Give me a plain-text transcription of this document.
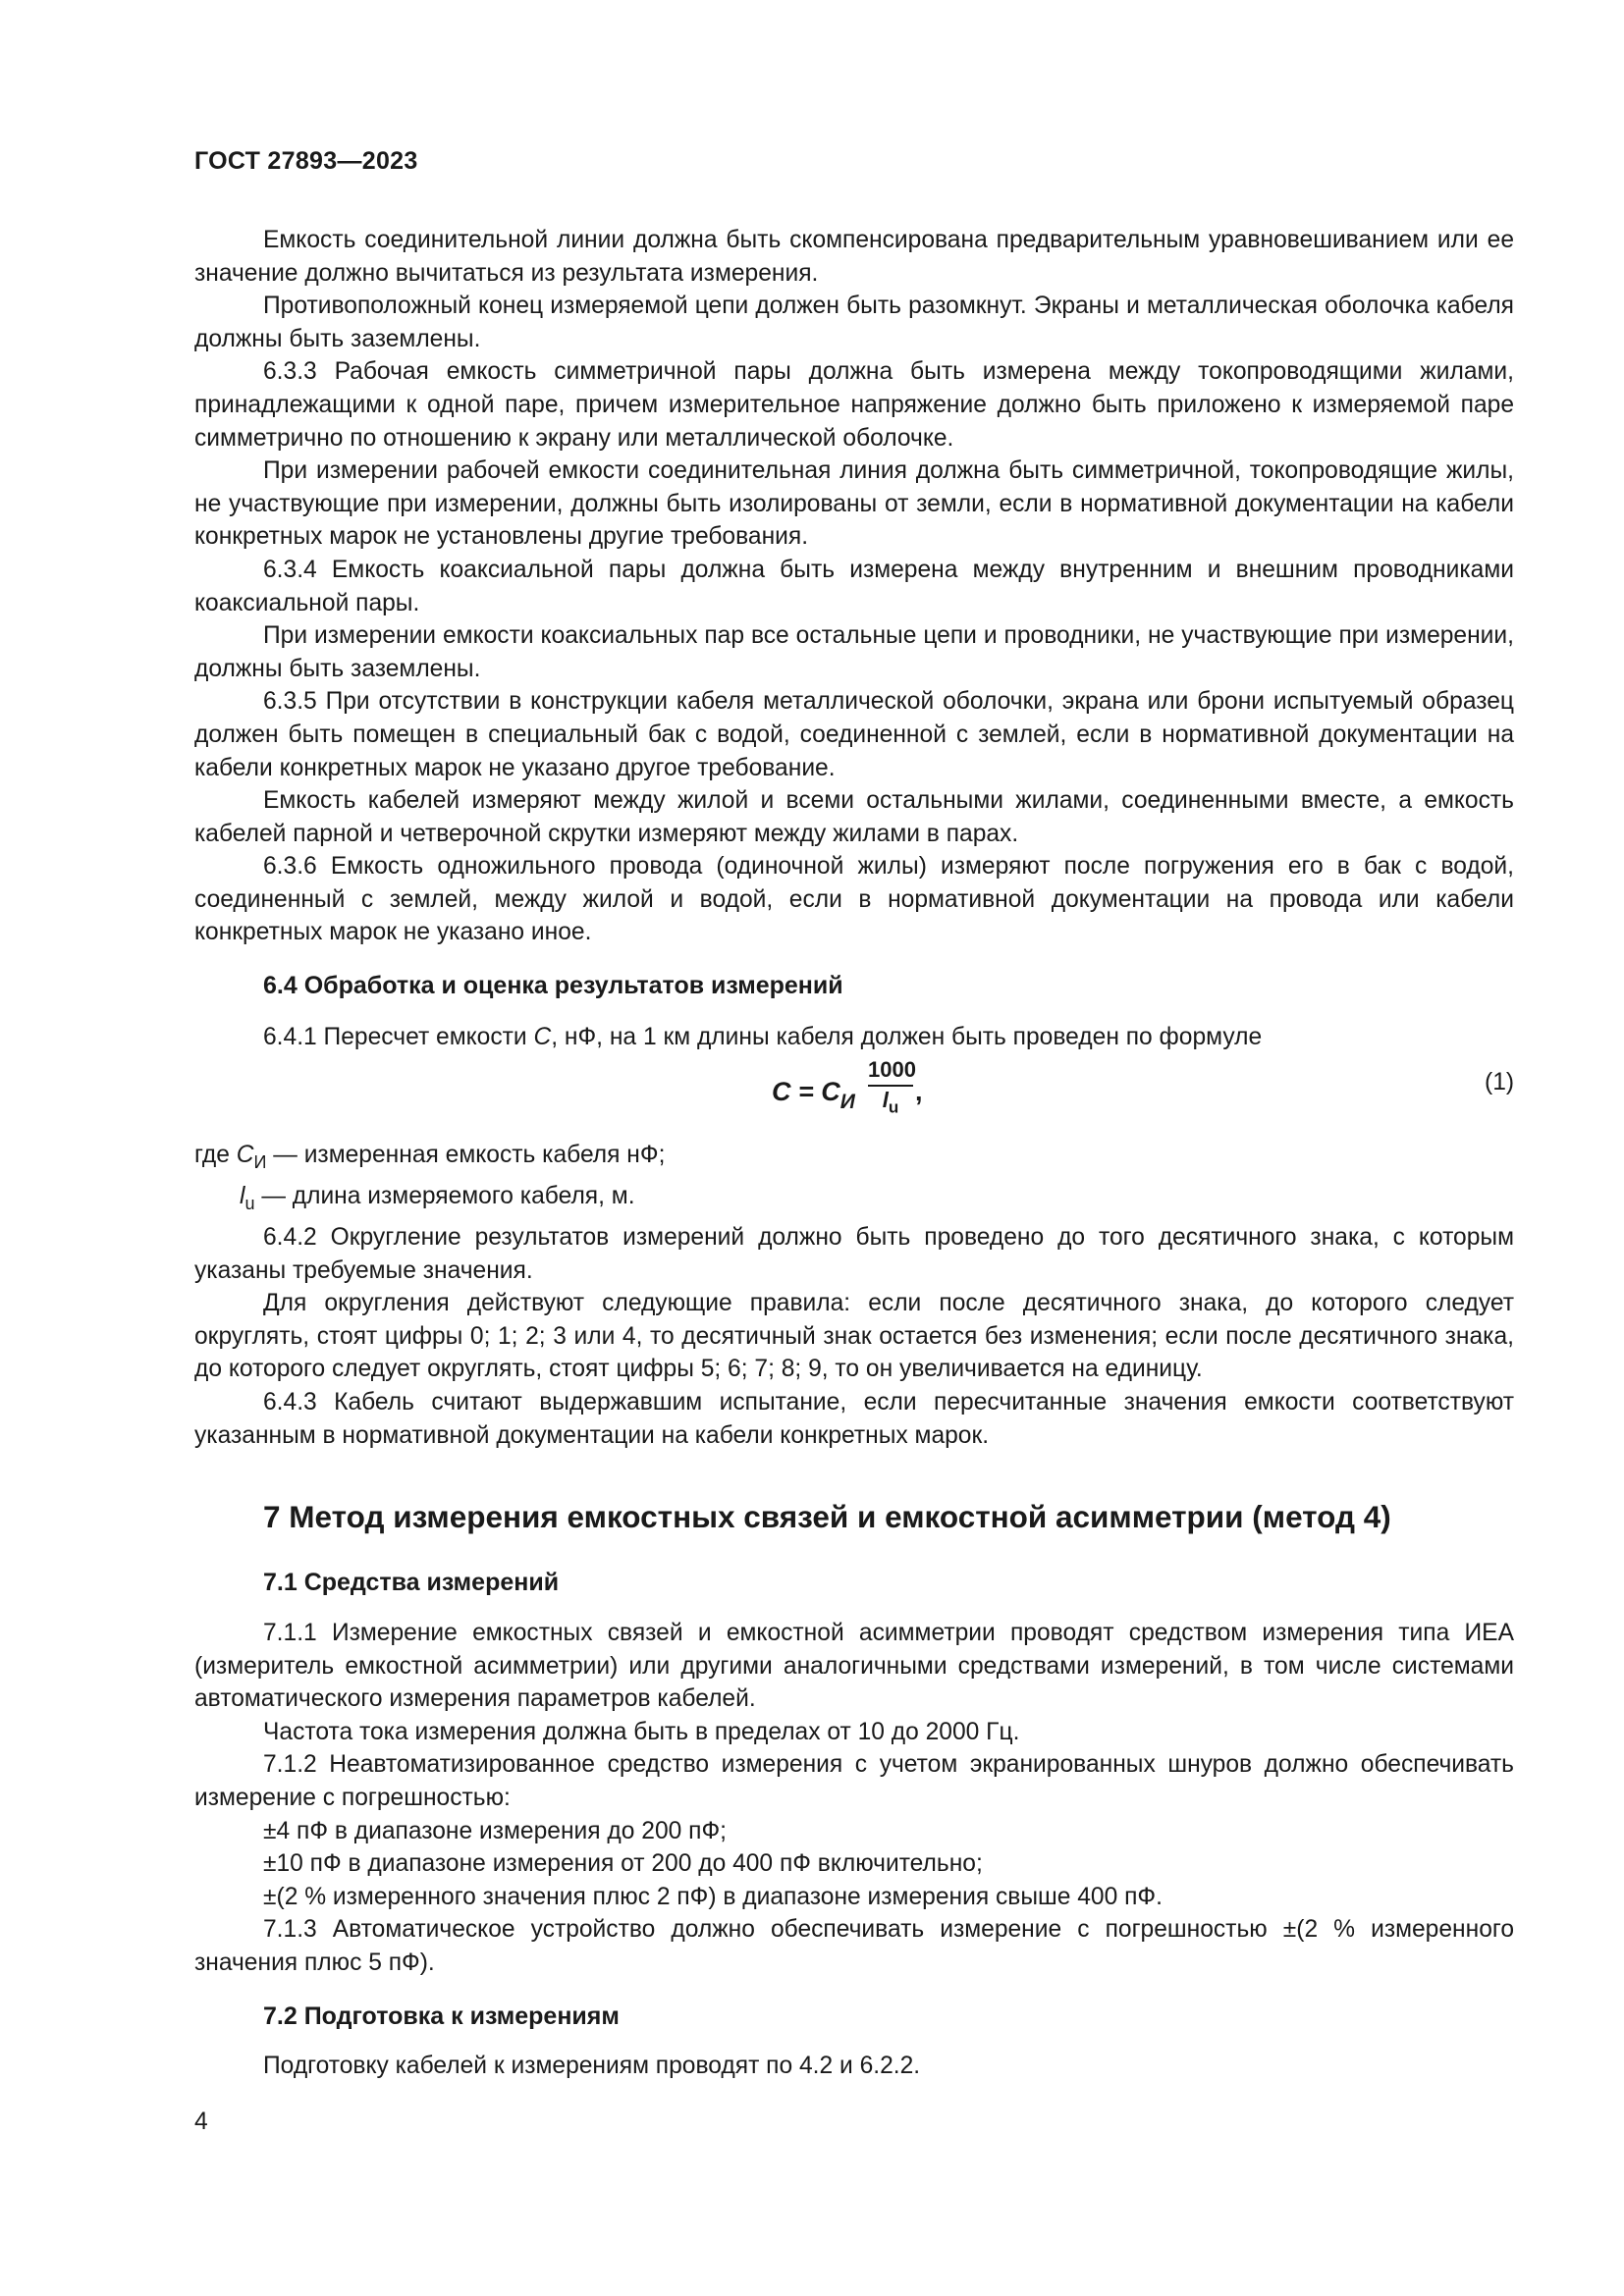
ГОСТ 27893—2023

Емкость соединительной линии должна быть скомпенсирована предварительным уравновешиванием или ее значение должно вычитаться из результата измерения.

Противоположный конец измеряемой цепи должен быть разомкнут. Экраны и металлическая оболочка кабеля должны быть заземлены.

6.3.3 Рабочая емкость симметричной пары должна быть измерена между токопроводящими жилами, принадлежащими к одной паре, причем измерительное напряжение должно быть приложено к измеряемой паре симметрично по отношению к экрану или металлической оболочке.

При измерении рабочей емкости соединительная линия должна быть симметричной, токопроводящие жилы, не участвующие при измерении, должны быть изолированы от земли, если в нормативной документации на кабели конкретных марок не установлены другие требования.

6.3.4 Емкость коаксиальной пары должна быть измерена между внутренним и внешним проводниками коаксиальной пары.

При измерении емкости коаксиальных пар все остальные цепи и проводники, не участвующие при измерении, должны быть заземлены.

6.3.5 При отсутствии в конструкции кабеля металлической оболочки, экрана или брони испытуемый образец должен быть помещен в специальный бак с водой, соединенной с землей, если в нормативной документации на кабели конкретных марок не указано другое требование.

Емкость кабелей измеряют между жилой и всеми остальными жилами, соединенными вместе, а емкость кабелей парной и четверочной скрутки измеряют между жилами в парах.

6.3.6 Емкость одножильного провода (одиночной жилы) измеряют после погружения его в бак с водой, соединенный с землей, между жилой и водой, если в нормативной документации на провода или кабели конкретных марок не указано иное.

6.4 Обработка и оценка результатов измерений

6.4.1 Пересчет емкости С, нФ, на 1 км длины кабеля должен быть проведен по формуле

$С = С_И \frac{1000}{l_u}$ ,	(1)
где $С_И$ — измеренная емкость кабеля нФ;
$l_u$ — длина измеряемого кабеля, м.

6.4.2 Округление результатов измерений должно быть проведено до того десятичного знака, с которым указаны требуемые значения.

Для округления действуют следующие правила: если после десятичного знака, до которого следует округлять, стоят цифры 0; 1; 2; 3 или 4, то десятичный знак остается без изменения; если после десятичного знака, до которого следует округлять, стоят цифры 5; 6; 7; 8; 9, то он увеличивается на единицу.

6.4.3 Кабель считают выдержавшим испытание, если пересчитанные значения емкости соответствуют указанным в нормативной документации на кабели конкретных марок.

7 Метод измерения емкостных связей и емкостной асимметрии (метод 4)
7.1 Средства измерений

7.1.1 Измерение емкостных связей и емкостной асимметрии проводят средством измерения типа ИЕА (измеритель емкостной асимметрии) или другими аналогичными средствами измерений, в том числе системами автоматического измерения параметров кабелей.

Частота тока измерения должна быть в пределах от 10 до 2000 Гц.

7.1.2 Неавтоматизированное средство измерения с учетом экранированных шнуров должно обеспечивать измерение с погрешностью:

±4 пФ в диапазоне измерения до 200 пФ;

±10 пФ в диапазоне измерения от 200 до 400 пФ включительно;

±(2 % измеренного значения плюс 2 пФ) в диапазоне измерения свыше 400 пФ.

7.1.3 Автоматическое устройство должно обеспечивать измерение с погрешностью ±(2 % измеренного значения плюс 5 пФ).

7.2 Подготовка к измерениям
Подготовку кабелей к измерениям проводят по 4.2 и 6.2.2.
4
